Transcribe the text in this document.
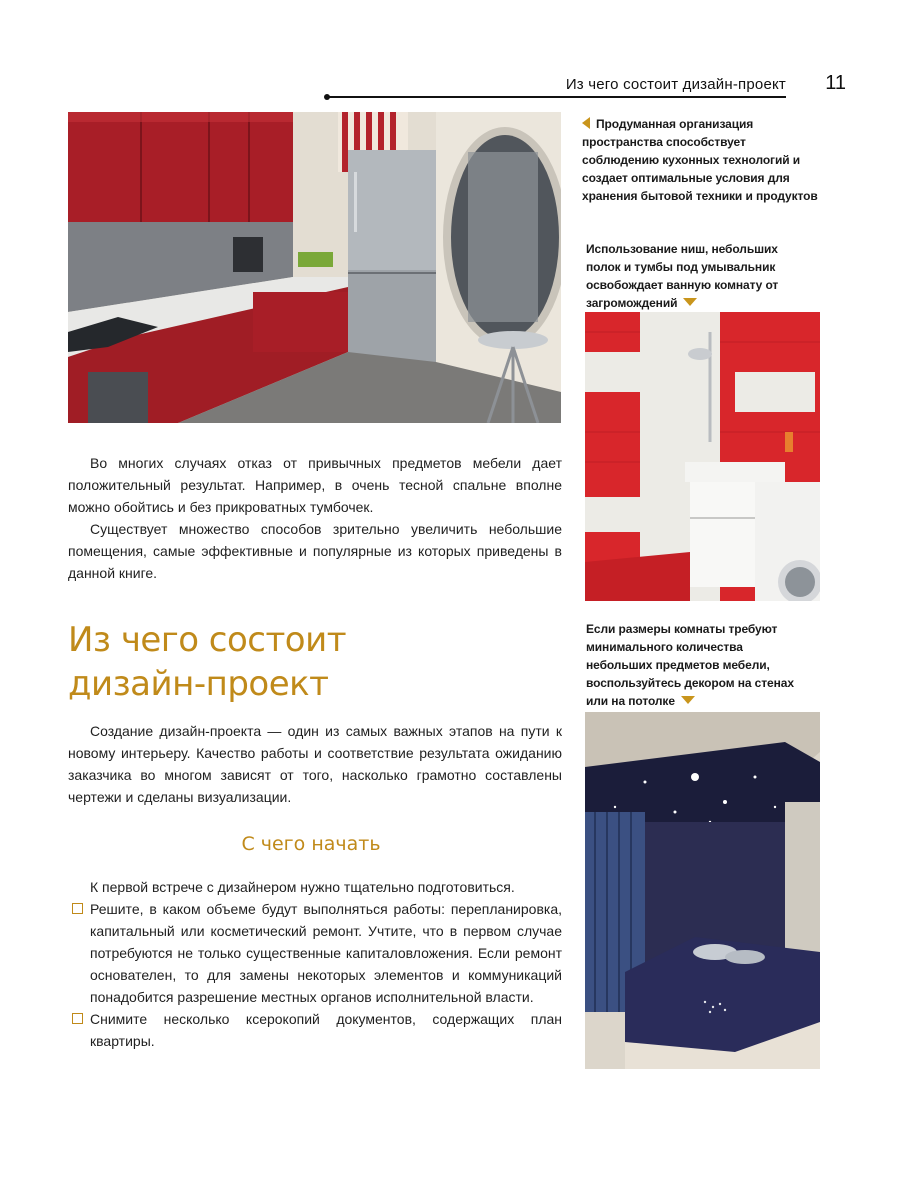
Из чего состоит дизайн-проект 11
Продуманная организация пространства способствует соблюдению кухонных технологий и создает оптимальные условия для хранения бытовой техники и продуктов
Использование ниш, небольших полок и тумбы под умывальник освобождает ванную комнату от загромождений
Если размеры комнаты требуют минимального количества небольших предметов мебели, воспользуйтесь декором на стенах или на потолке

Во многих случаях отказ от привычных предметов мебели дает положительный результат. Например, в очень тесной спальне вполне можно обойтись и без прикроватных тумбочек.

Существует множество способов зрительно увеличить небольшие помещения, самые эффективные и популярные из которых приведены в данной книге.

Из чего состоит
дизайн-проект

Создание дизайн-проекта — один из самых важных этапов на пути к новому интерьеру. Качество работы и соответствие результата ожиданию заказчика во многом зависят от того, насколько грамотно составлены чертежи и сделаны визуализации.

С чего начать

К первой встрече с дизайнером нужно тщательно подготовиться.

Решите, в каком объеме будут выполняться работы: перепланировка, капитальный или косметический ремонт. Учтите, что в первом случае потребуются не только существенные капиталовложения. Если ремонт основателен, то для замены некоторых элементов и коммуникаций понадобится разрешение местных органов исполнительной власти.

Снимите несколько ксерокопий документов, содержащих план квартиры.
